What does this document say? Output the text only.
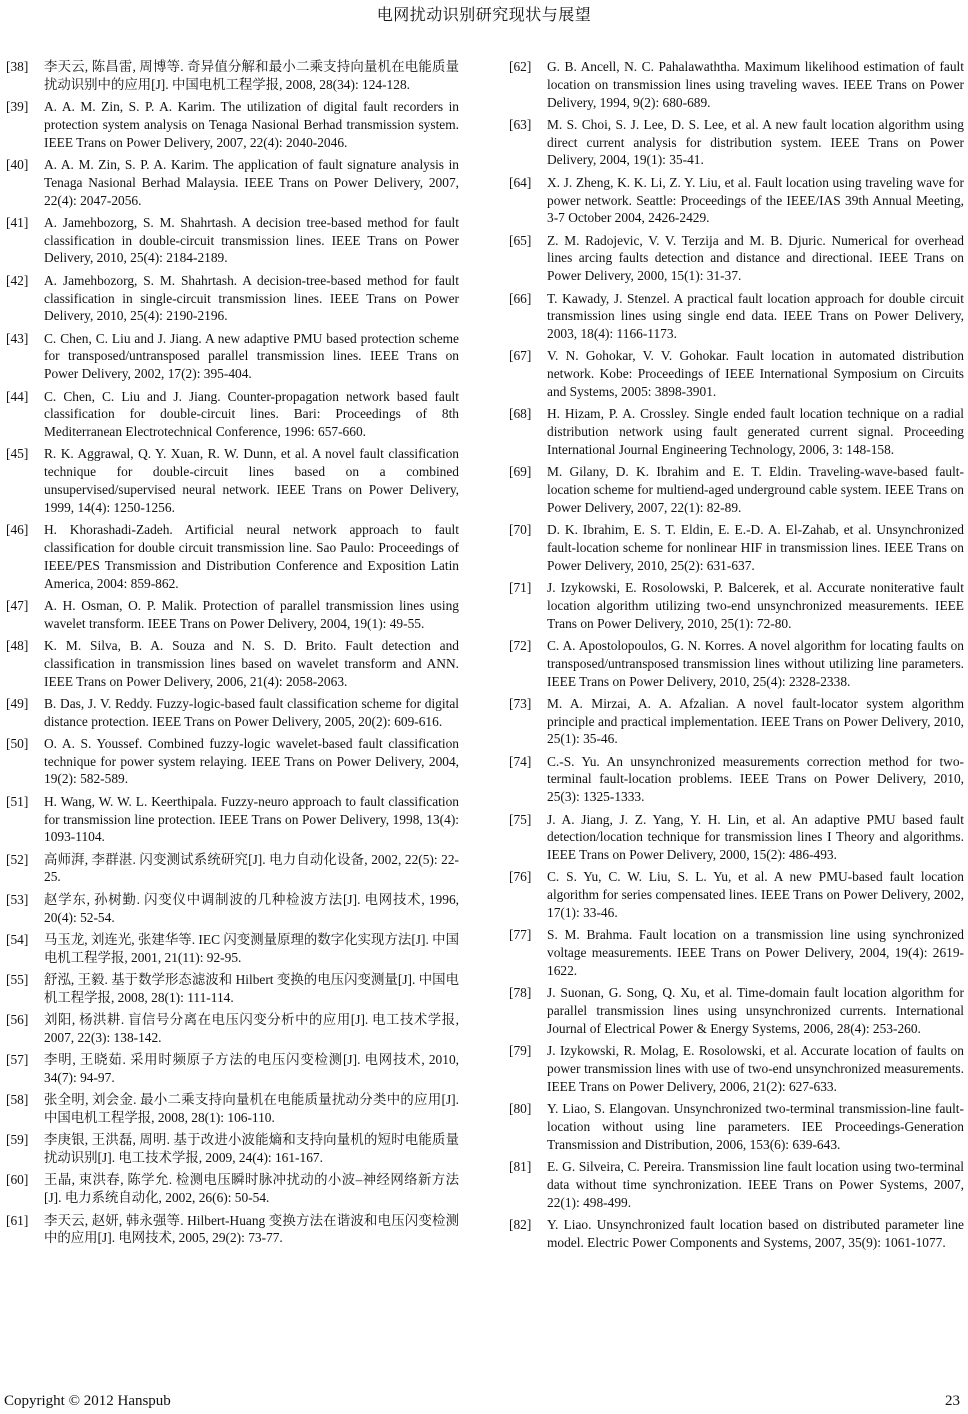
电网扰动识别研究现状与展望
[38]	李天云, 陈昌雷, 周博等. 奇异值分解和最小二乘支持向量机在电能质量扰动识别中的应用[J]. 中国电机工程学报, 2008, 28(34): 124-128.
[39]	A. A. M. Zin, S. P. A. Karim. The utilization of digital fault recorders in protection system analysis on Tenaga Nasional Berhad transmission system. IEEE Trans on Power Delivery, 2007, 22(4): 2040-2046.
[40]	A. A. M. Zin, S. P. A. Karim. The application of fault signature analysis in Tenaga Nasional Berhad Malaysia. IEEE Trans on Power Delivery, 2007, 22(4): 2047-2056.
[41]	A. Jamehbozorg, S. M. Shahrtash. A decision tree-based method for fault classification in double-circuit transmission lines. IEEE Trans on Power Delivery, 2010, 25(4): 2184-2189.
[42]	A. Jamehbozorg, S. M. Shahrtash. A decision-tree-based method for fault classification in single-circuit transmission lines. IEEE Trans on Power Delivery, 2010, 25(4): 2190-2196.
[43]	C. Chen, C. Liu and J. Jiang. A new adaptive PMU based protection scheme for transposed/untransposed parallel transmission lines. IEEE Trans on Power Delivery, 2002, 17(2): 395-404.
[44]	C. Chen, C. Liu and J. Jiang. Counter-propagation network based fault classification for double-circuit lines. Bari: Proceedings of 8th Mediterranean Electrotechnical Conference, 1996: 657-660.
[45]	R. K. Aggrawal, Q. Y. Xuan, R. W. Dunn, et al. A novel fault classification technique for double-circuit lines based on a combined unsupervised/supervised neural network. IEEE Trans on Power Delivery, 1999, 14(4): 1250-1256.
[46]	H. Khorashadi-Zadeh. Artificial neural network approach to fault classification for double circuit transmission line. Sao Paulo: Proceedings of IEEE/PES Transmission and Distribution Conference and Exposition Latin America, 2004: 859-862.
[47]	A. H. Osman, O. P. Malik. Protection of parallel transmission lines using wavelet transform. IEEE Trans on Power Delivery, 2004, 19(1): 49-55.
[48]	K. M. Silva, B. A. Souza and N. S. D. Brito. Fault detection and classification in transmission lines based on wavelet transform and ANN. IEEE Trans on Power Delivery, 2006, 21(4): 2058-2063.
[49]	B. Das, J. V. Reddy. Fuzzy-logic-based fault classification scheme for digital distance protection. IEEE Trans on Power Delivery, 2005, 20(2): 609-616.
[50]	O. A. S. Youssef. Combined fuzzy-logic wavelet-based fault classification technique for power system relaying. IEEE Trans on Power Delivery, 2004, 19(2): 582-589.
[51]	H. Wang, W. W. L. Keerthipala. Fuzzy-neuro approach to fault classification for transmission line protection. IEEE Trans on Power Delivery, 1998, 13(4): 1093-1104.
[52]	高师湃, 李群湛. 闪变测试系统研究[J]. 电力自动化设备, 2002, 22(5): 22-25.
[53]	赵学东, 孙树勤. 闪变仪中调制波的几种检波方法[J]. 电网技术, 1996, 20(4): 52-54.
[54]	马玉龙, 刘连光, 张建华等. IEC 闪变测量原理的数字化实现方法[J]. 中国电机工程学报, 2001, 21(11): 92-95.
[55]	舒泓, 王毅. 基于数学形态滤波和 Hilbert 变换的电压闪变测量[J]. 中国电机工程学报, 2008, 28(1): 111-114.
[56]	刘阳, 杨洪耕. 盲信号分离在电压闪变分析中的应用[J]. 电工技术学报, 2007, 22(3): 138-142.
[57]	李明, 王晓茹. 采用时频原子方法的电压闪变检测[J]. 电网技术, 2010, 34(7): 94-97.
[58]	张全明, 刘会金. 最小二乘支持向量机在电能质量扰动分类中的应用[J]. 中国电机工程学报, 2008, 28(1): 106-110.
[59]	李庚银, 王洪磊, 周明. 基于改进小波能熵和支持向量机的短时电能质量扰动识别[J]. 电工技术学报, 2009, 24(4): 161-167.
[60]	王晶, 束洪春, 陈学允. 检测电压瞬时脉冲扰动的小波–神经网络新方法[J]. 电力系统自动化, 2002, 26(6): 50-54.
[61]	李天云, 赵妍, 韩永强等. Hilbert-Huang 变换方法在谐波和电压闪变检测中的应用[J]. 电网技术, 2005, 29(2): 73-77.
[62]	G. B. Ancell, N. C. Pahalawaththa. Maximum likelihood estimation of fault location on transmission lines using traveling waves. IEEE Trans on Power Delivery, 1994, 9(2): 680-689.
[63]	M. S. Choi, S. J. Lee, D. S. Lee, et al. A new fault location algorithm using direct current analysis for distribution system. IEEE Trans on Power Delivery, 2004, 19(1): 35-41.
[64]	X. J. Zheng, K. K. Li, Z. Y. Liu, et al. Fault location using traveling wave for power network. Seattle: Proceedings of the IEEE/IAS 39th Annual Meeting, 3-7 October 2004, 2426-2429.
[65]	Z. M. Radojevic, V. V. Terzija and M. B. Djuric. Numerical for overhead lines arcing faults detection and distance and directional. IEEE Trans on Power Delivery, 2000, 15(1): 31-37.
[66]	T. Kawady, J. Stenzel. A practical fault location approach for double circuit transmission lines using single end data. IEEE Trans on Power Delivery, 2003, 18(4): 1166-1173.
[67]	V. N. Gohokar, V. V. Gohokar. Fault location in automated distribution network. Kobe: Proceedings of IEEE International Symposium on Circuits and Systems, 2005: 3898-3901.
[68]	H. Hizam, P. A. Crossley. Single ended fault location technique on a radial distribution network using fault generated current signal. Proceeding International Journal Engineering Technology, 2006, 3: 148-158.
[69]	M. Gilany, D. K. Ibrahim and E. T. Eldin. Traveling-wave-based fault-location scheme for multiend-aged underground cable system. IEEE Trans on Power Delivery, 2007, 22(1): 82-89.
[70]	D. K. Ibrahim, E. S. T. Eldin, E. E.-D. A. El-Zahab, et al. Unsynchronized fault-location scheme for nonlinear HIF in transmission lines. IEEE Trans on Power Delivery, 2010, 25(2): 631-637.
[71]	J. Izykowski, E. Rosolowski, P. Balcerek, et al. Accurate noniterative fault location algorithm utilizing two-end unsynchronized measurements. IEEE Trans on Power Delivery, 2010, 25(1): 72-80.
[72]	C. A. Apostolopoulos, G. N. Korres. A novel algorithm for locating faults on transposed/untransposed transmission lines without utilizing line parameters. IEEE Trans on Power Delivery, 2010, 25(4): 2328-2338.
[73]	M. A. Mirzai, A. A. Afzalian. A novel fault-locator system algorithm principle and practical implementation. IEEE Trans on Power Delivery, 2010, 25(1): 35-46.
[74]	C.-S. Yu. An unsynchronized measurements correction method for two-terminal fault-location problems. IEEE Trans on Power Delivery, 2010, 25(3): 1325-1333.
[75]	J. A. Jiang, J. Z. Yang, Y. H. Lin, et al. An adaptive PMU based fault detection/location technique for transmission lines I Theory and algorithms. IEEE Trans on Power Delivery, 2000, 15(2): 486-493.
[76]	C. S. Yu, C. W. Liu, S. L. Yu, et al. A new PMU-based fault location algorithm for series compensated lines. IEEE Trans on Power Delivery, 2002, 17(1): 33-46.
[77]	S. M. Brahma. Fault location on a transmission line using synchronized voltage measurements. IEEE Trans on Power Delivery, 2004, 19(4): 2619-1622.
[78]	J. Suonan, G. Song, Q. Xu, et al. Time-domain fault location algorithm for parallel transmission lines using unsynchronized currents. International Journal of Electrical Power & Energy Systems, 2006, 28(4): 253-260.
[79]	J. Izykowski, R. Molag, E. Rosolowski, et al. Accurate location of faults on power transmission lines with use of two-end unsynchronized measurements. IEEE Trans on Power Delivery, 2006, 21(2): 627-633.
[80]	Y. Liao, S. Elangovan. Unsynchronized two-terminal transmission-line fault-location without using line parameters. IEE Proceedings-Generation Transmission and Distribution, 2006, 153(6): 639-643.
[81]	E. G. Silveira, C. Pereira. Transmission line fault location using two-terminal data without time synchronization. IEEE Trans on Power Systems, 2007, 22(1): 498-499.
[82]	Y. Liao. Unsynchronized fault location based on distributed parameter line model. Electric Power Components and Systems, 2007, 35(9): 1061-1077.
Copyright © 2012 Hanspub	23
